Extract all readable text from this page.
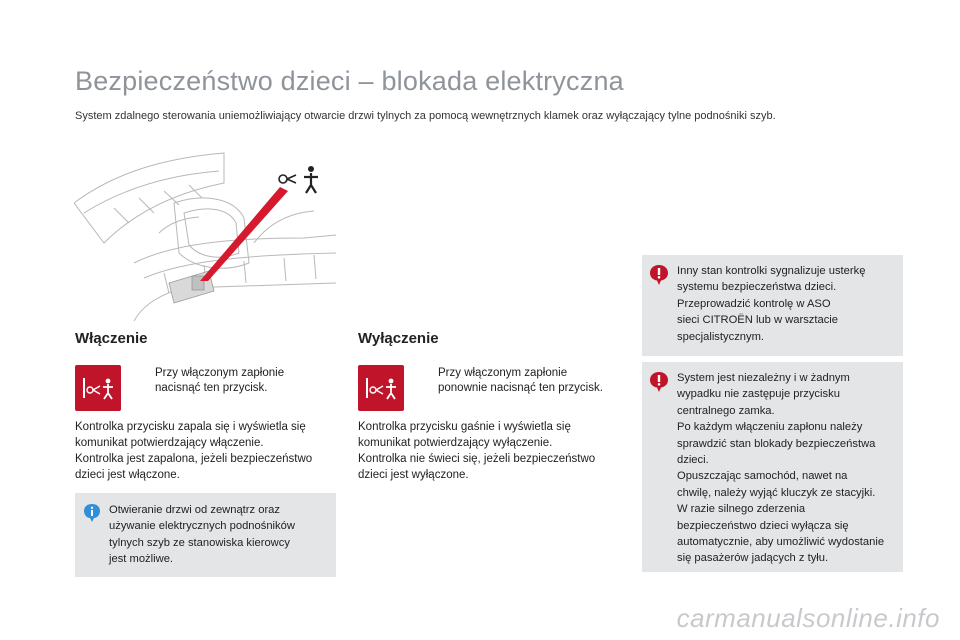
Bezpieczeństwo dzieci – blokada elektryczna
System zdalnego sterowania uniemożliwiający otwarcie drzwi tylnych za pomocą wewnętrznych klamek oraz wyłączający tylne podnośniki szyb.
Włączenie
Przy włączonym zapłonie
nacisnąć ten przycisk.

Kontrolka przycisku zapala się i wyświetla się

komunikat potwierdzający włączenie.

Kontrolka jest zapalona, jeżeli bezpieczeństwo

dzieci jest włączone.

Otwieranie drzwi od zewnątrz oraz

używanie elektrycznych podnośników

tylnych szyb ze stanowiska kierowcy

jest możliwe.

Wyłączenie
Przy włączonym zapłonie
ponownie nacisnąć ten przycisk.

Kontrolka przycisku gaśnie i wyświetla się

komunikat potwierdzający wyłączenie.

Kontrolka nie świeci się, jeżeli bezpieczeństwo

dzieci jest wyłączone.

Inny stan kontrolki sygnalizuje usterkę

systemu bezpieczeństwa dzieci.

Przeprowadzić kontrolę w ASO

sieci CITROËN lub w warsztacie

specjalistycznym.

System jest niezależny i w żadnym

wypadku nie zastępuje przycisku

centralnego zamka.

Po każdym włączeniu zapłonu należy

sprawdzić stan blokady bezpieczeństwa

dzieci.

Opuszczając samochód, nawet na

chwilę, należy wyjąć kluczyk ze stacyjki.

W razie silnego zderzenia

bezpieczeństwo dzieci wyłącza się

automatycznie, aby umożliwić wydostanie

się pasażerów jadących z tyłu.

carmanualsonline.info
